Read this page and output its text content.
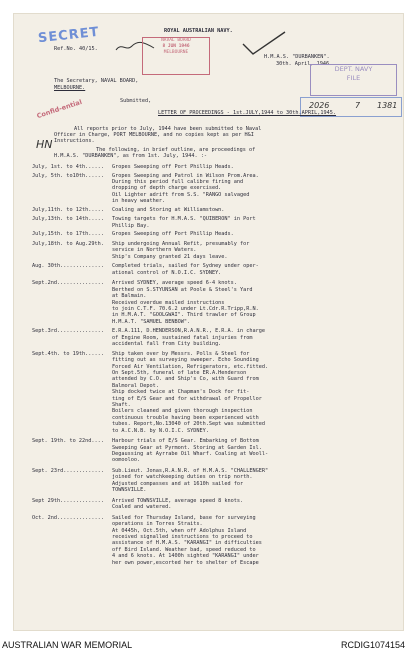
SECRET	ROYAL AUSTRALIAN NAVY.
Ref.No. 40/15.
NAVAL BOARD
8 JUN 1946
MELBOURNE
H.M.A.S. "DURBANKEN".
30th. April, 1946.
DEPT. NAVY
FILE
2026	7 1381
The Secretary, NAVAL BOARD,
MELBOURNE.
Submitted,
LETTER OF PROCEEDINGS - 1st.JULY,1944 to 30th.APRIL,1945.
Confid-ential
HN
All reports prior to July, 1944 have been submitted to Naval
Officer in Charge, PORT MELBOURNE, and no copies kept as per H&I
Instructions.
The following, in brief outline, are proceedings of
H.M.A.S. "DURBANKEN", as from 1st. July, 1944. :-
July, 1st. to 4th...... Gropes Sweeping off Port Phillip Heads.
July, 5th. to10th...... Gropes Sweeping and Patrol in Wilson Prom.Area.
During this period full calibre firing and
dropping of depth charge exercised.
Oil Lighter adrift from S.S. "RANGO salvaged
in heavy weather.
July,11th. to 12th..... Coaling and Storing at Williamstown.
July,13th. to 14th..... Towing targets for H.M.A.S. "QUIBERON" in Port
Phillip Bay.
July,15th. to 17th..... Gropes Sweeping off Port Phillip Heads.
July,18th. to Aug.29th. Ship undergoing Annual Refit, presumably for
service in Northern Waters.
Ship's Company granted 21 days leave.
Aug. 30th.............. Completed trials, sailed for Sydney under oper-
ational control of N.O.I.C. SYDNEY.
Sept.2nd............... Arrived SYDNEY, average speed 6-4 knots.
Berthed on S.STYUNSAN at Poole & Steel's Yard
at Balmain.
Received overdue mailed instructions
to join C.T.F. 70.6.2 under Lt.Cdr.R.Tripp,R.N.
in H.M.A.T. "GOOLGWAI". Third trawler of Group
H.M.A.T. "SAMUEL BENBOW".
Sept.3rd............... E.R.A.111, D.HENDERSON,R.A.N.R., E.R.A. in charge
of Engine Room, sustained fatal injuries from
accidental fall from City building.
Sept.4th. to 19th...... Ship taken over by Messrs. Polls & Steel for
fitting out as surveying sweeper. Echo Sounding
Forced Air Ventilation, Refrigerators, etc.fitted.
On Sept.5th, funeral of late ER.A.Henderson
attended by C.O. and Ship's Co, with Guard from
Balmoral Depot.
Ship docked twice at Chapman's Dock for fit-
ting of E/S Gear and for withdrawal of Propellor
Shaft.
Boilers cleaned and given thorough inspection
continuous trouble having been experienced with
tubes. Report,No.13040 of 20th.Sept was submitted
to A.C.N.B. by N.O.I.C. SYDNEY.
Sept. 19th. to 22nd.... Harbour trials of E/S Gear. Embarking of Bottom
Sweeping Gear at Pyrmont. Storing at Garden Isl.
Degaussing at Ayrrabe Oil Wharf. Coaling at Wooll-
oomooloo.
Sept. 23rd............. Sub.Lieut. Jonas,R.A.N.R. of H.M.A.S. "CHALLENGER"
joined for watchkeeping duties on trip north.
Adjusted compasses and at 1610h sailed for
TOWNSVILLE.
Sept 29th.............. Arrived TOWNSVILLE, average speed 8 knots.
Coaled and watered.
Oct. 2nd............... Sailed for Thursday Island, base for surveying
operations in Torres Straits.
At 0445h, Oct.5th, when off Adolphus Island
received signalled instructions to proceed to
assistance of H.M.A.S. "KARANGI" in difficulties
off Bird Island. Weather bad, speed reduced to
4 and 6 knots. At 1400h sighted "KARANGI" under
her own power,escorted her to shelter of Escape
AUSTRALIAN WAR MEMORIAL	RCDIG1074154
